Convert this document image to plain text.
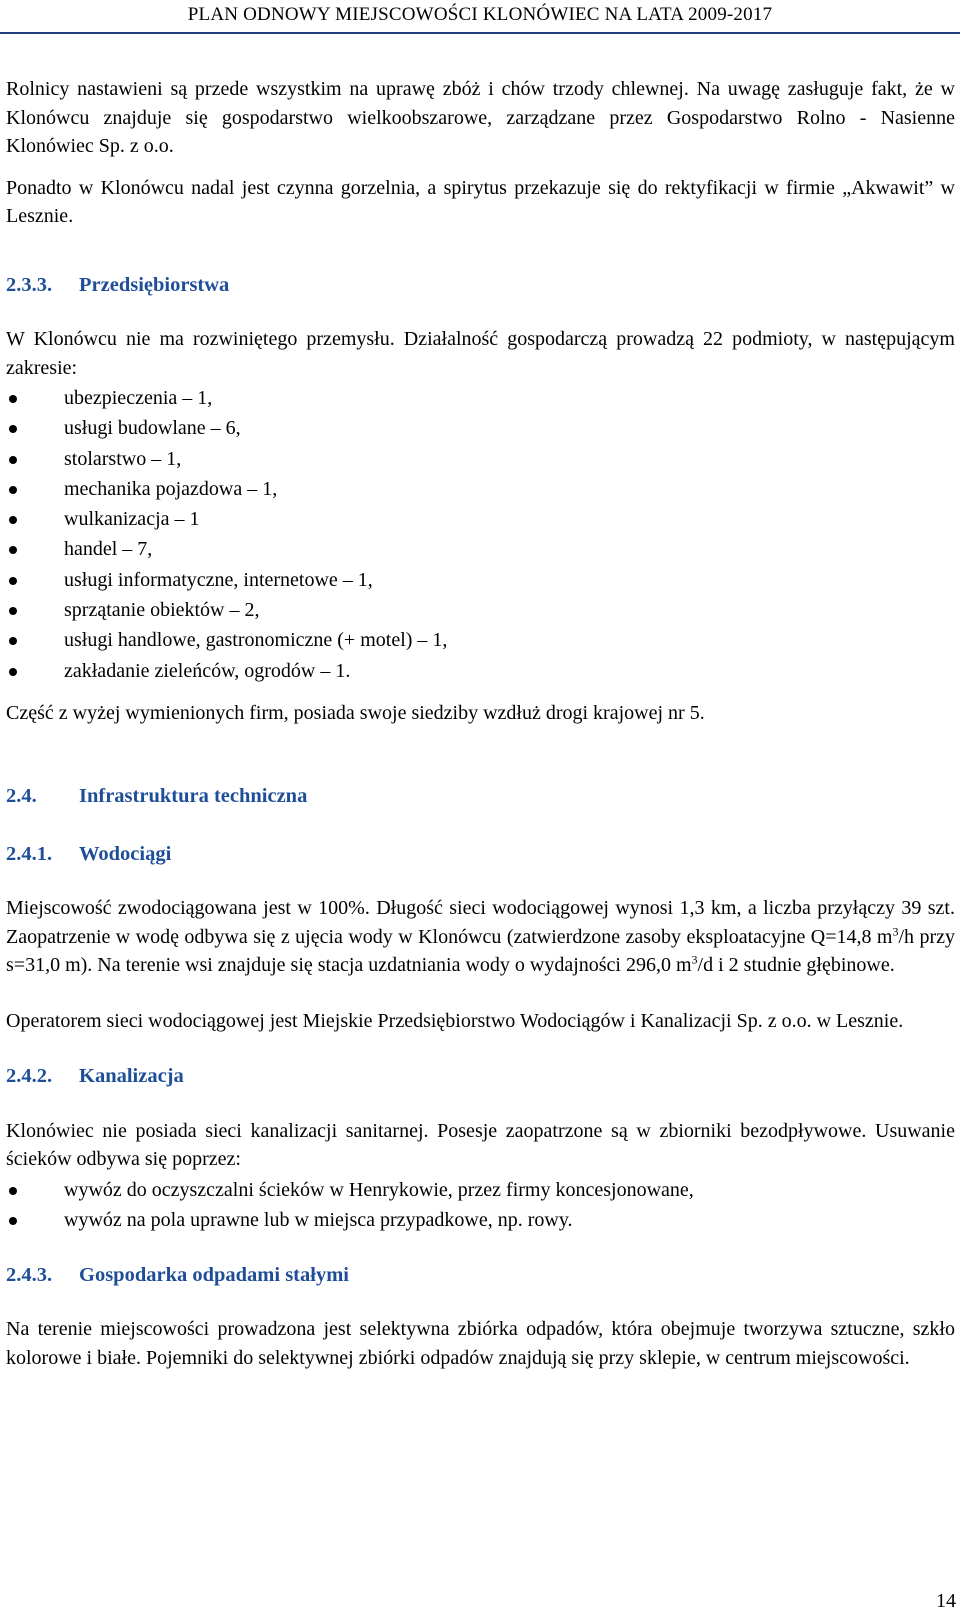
PLAN ODNOWY MIEJSCOWOŚCI KLONÓWIEC NA LATA 2009-2017

Rolnicy nastawieni są przede wszystkim na uprawę zbóż i chów trzody chlewnej. Na uwagę zasługuje fakt, że w Klonówcu znajduje się gospodarstwo wielkoobszarowe, zarządzane przez Gospodarstwo Rolno - Nasienne Klonówiec Sp. z o.o.

Ponadto w Klonówcu nadal jest czynna gorzelnia, a spirytus przekazuje się do rektyfikacji w firmie „Akwawit” w Lesznie.

2.3.3.	Przedsiębiorstwa

W Klonówcu nie ma rozwiniętego przemysłu. Działalność gospodarczą prowadzą 22 podmioty, w następującym zakresie:

ubezpieczenia – 1,
usługi budowlane – 6,
stolarstwo – 1,
mechanika pojazdowa – 1,
wulkanizacja – 1
handel – 7,
usługi informatyczne, internetowe – 1,
sprzątanie obiektów – 2,
usługi handlowe, gastronomiczne (+ motel) – 1,
zakładanie zieleńców, ogrodów – 1.

Część z wyżej wymienionych firm, posiada swoje siedziby wzdłuż drogi krajowej nr 5.

2.4.	Infrastruktura techniczna
2.4.1.	Wodociągi

Miejscowość zwodociągowana jest w 100%. Długość sieci wodociągowej wynosi 1,3 km, a liczba przyłączy 39 szt. Zaopatrzenie w wodę odbywa się z ujęcia wody w Klonówcu (zatwierdzone zasoby eksploatacyjne Q=14,8 $m^3/h$ przy s=31,0 m). Na terenie wsi znajduje się stacja uzdatniania wody o wydajności 296,0 $m^3/d$ i 2 studnie głębinowe.

Operatorem sieci wodociągowej jest Miejskie Przedsiębiorstwo Wodociągów i Kanalizacji Sp. z o.o. w Lesznie.

2.4.2.	Kanalizacja

Klonówiec nie posiada sieci kanalizacji sanitarnej. Posesje zaopatrzone są w zbiorniki bezodpływowe. Usuwanie ścieków odbywa się poprzez:

wywóz do oczyszczalni ścieków w Henrykowie, przez firmy koncesjonowane,
wywóz na pola uprawne lub w miejsca przypadkowe, np. rowy.
2.4.3.	Gospodarka odpadami stałymi

Na terenie miejscowości prowadzona jest selektywna zbiórka odpadów, która obejmuje tworzywa sztuczne, szkło kolorowe i białe. Pojemniki do selektywnej zbiórki odpadów znajdują się przy sklepie, w centrum miejscowości.

14
